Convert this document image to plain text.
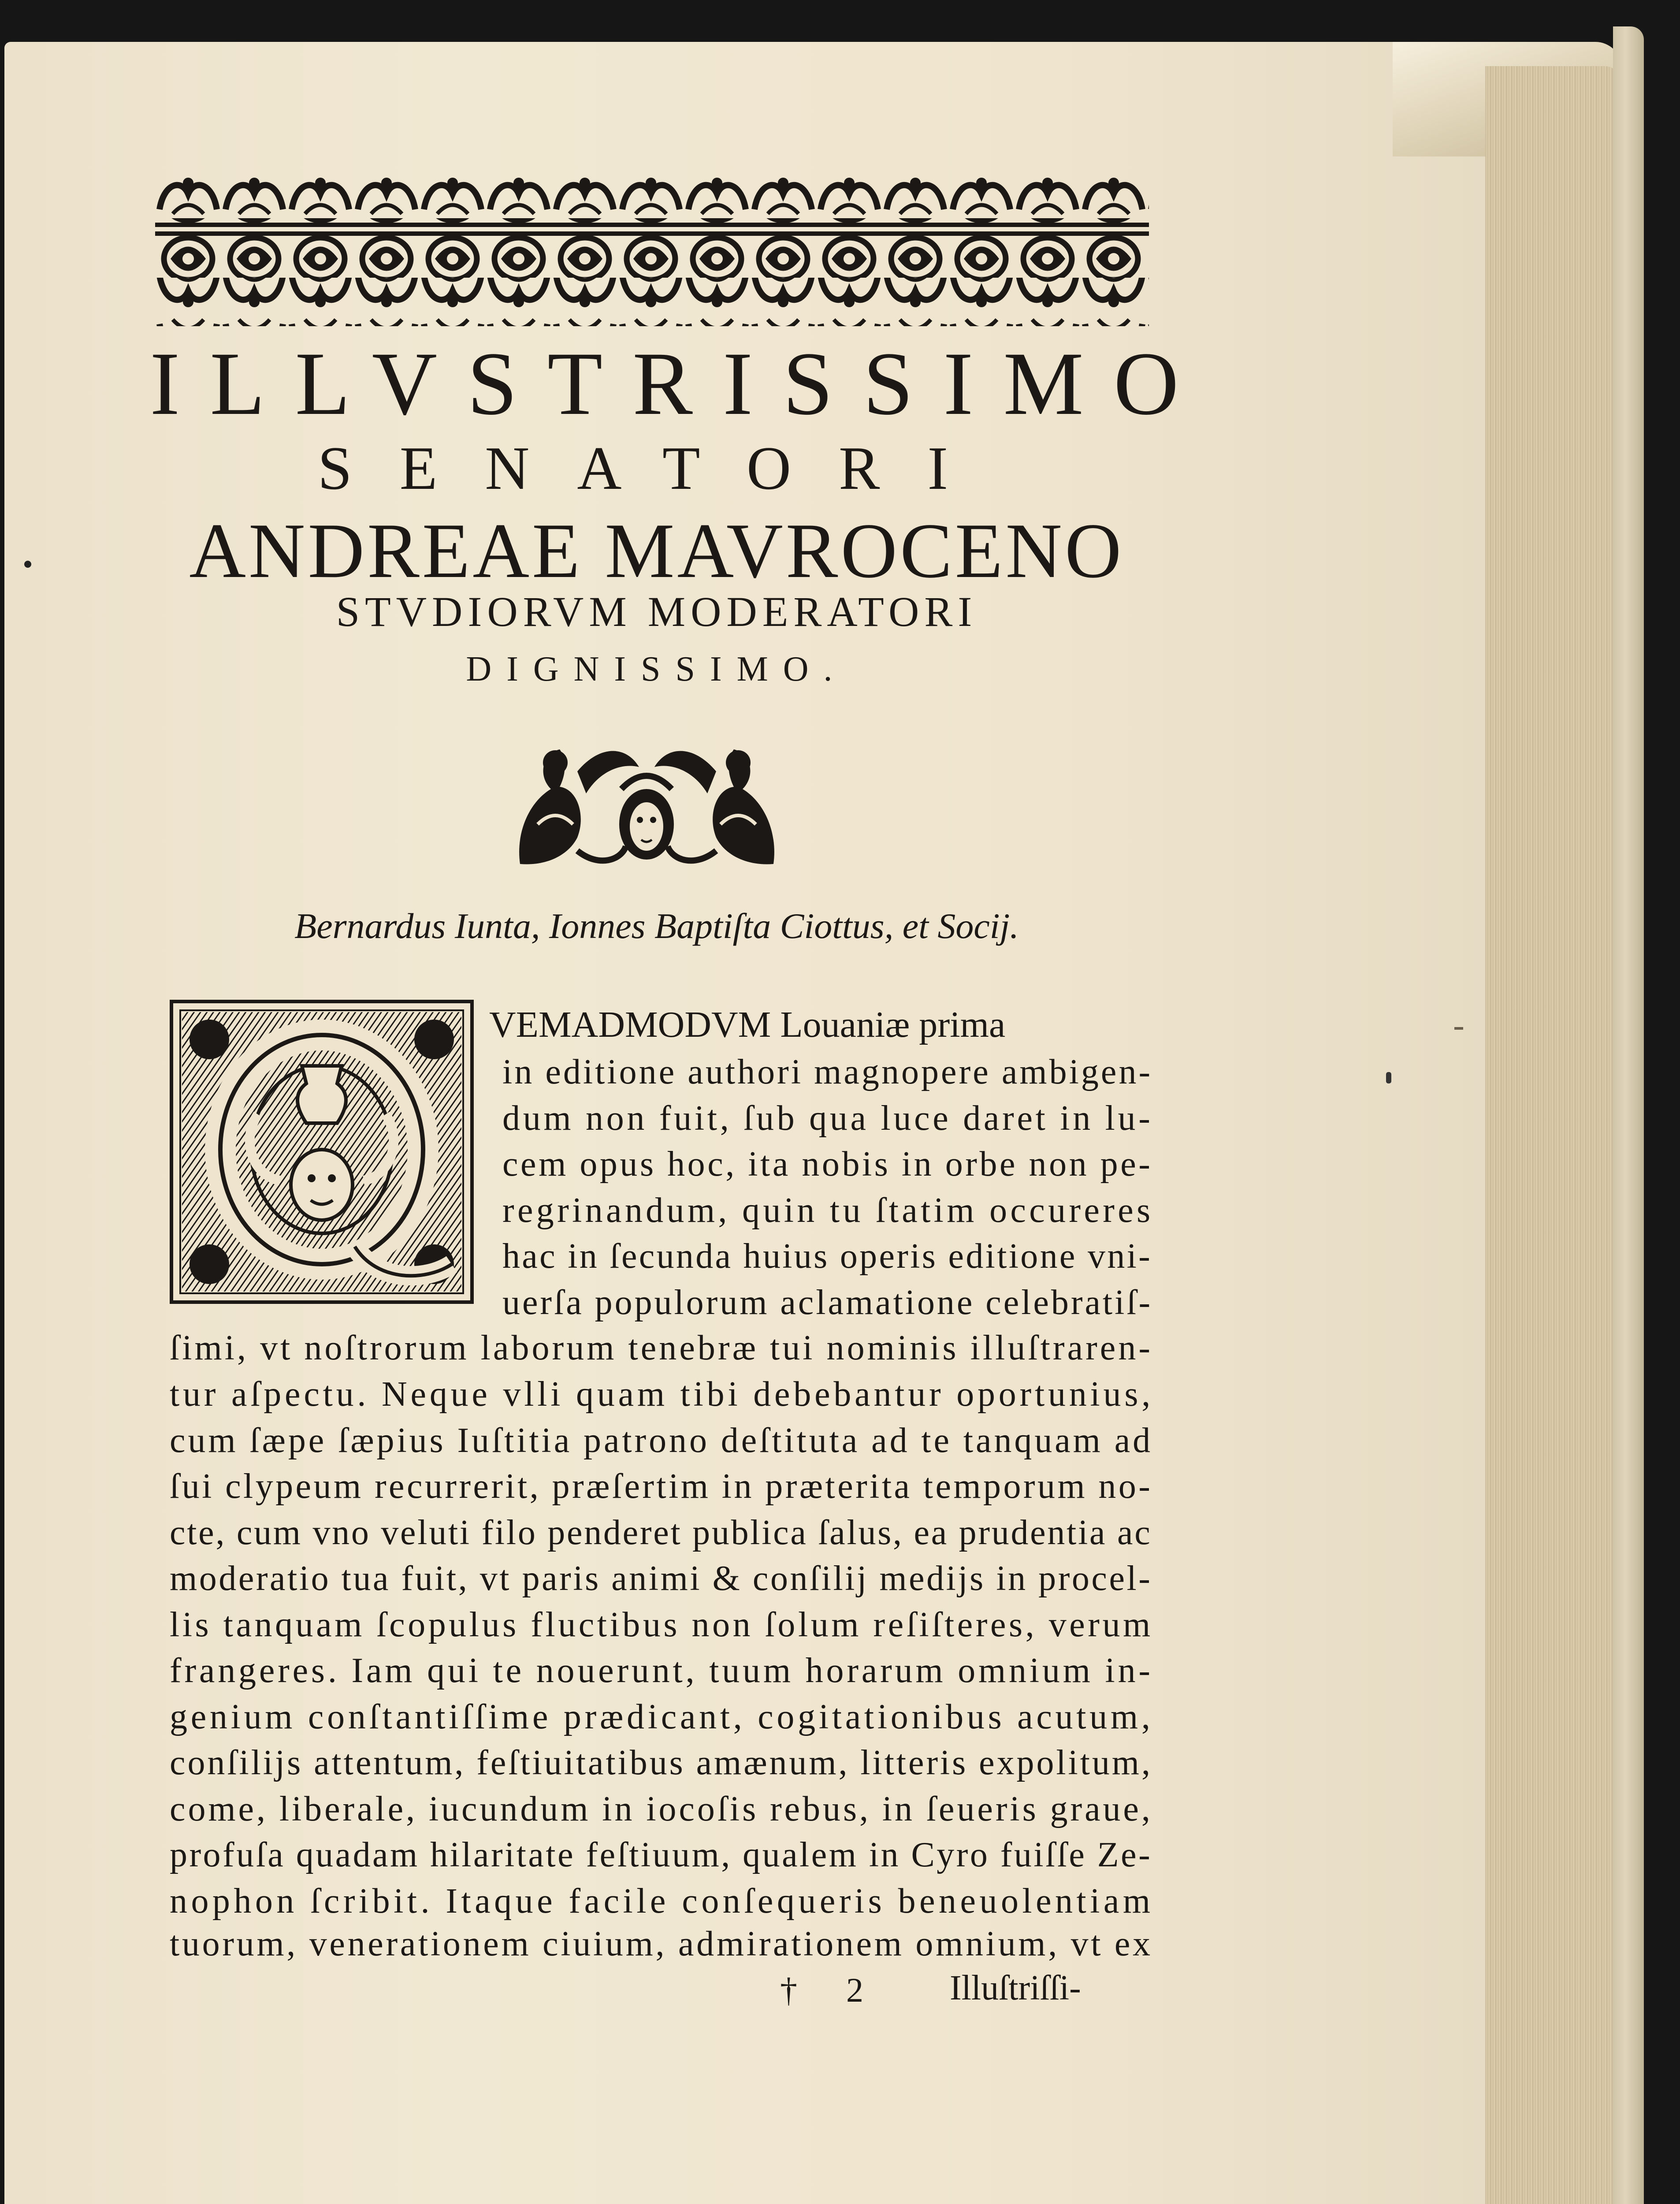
ILLVSTRISSIMO
SENATORI
ANDREAE MAVROCENO
STVDIORVM MODERATORI
DIGNISSIMO.
Bernardus Iunta, Ionnes Baptiſta Ciottus, et Socij.
VEMADMODVM Louaniæ prima
in editione authori magnopere ambigen-
dum non fuit, ſub qua luce daret in lu-
cem opus hoc, ita nobis in orbe non pe-
regrinandum, quin tu ſtatim occureres
hac in ſecunda huius operis editione vni-
uerſa populorum aclamatione celebratiſ-
ſimi, vt noſtrorum laborum tenebræ tui nominis illuſtraren-
tur aſpectu. Neque vlli quam tibi debebantur oportunius,
cum ſæpe ſæpius Iuſtitia patrono deſtituta ad te tanquam ad
ſui clypeum recurrerit, præſertim in præterita temporum no-
cte, cum vno veluti filo penderet publica ſalus, ea prudentia ac
moderatio tua fuit, vt paris animi & conſilij medijs in procel-
lis tanquam ſcopulus fluctibus non ſolum reſiſteres, verum
frangeres. Iam qui te nouerunt, tuum horarum omnium in-
genium conſtantiſſime prædicant, cogitationibus acutum,
conſilijs attentum, feſtiuitatibus amænum, litteris expolitum,
come, liberale, iucundum in iocoſis rebus, in ſeueris graue,
profuſa quadam hilaritate feſtiuum, qualem in Cyro fuiſſe Ze-
nophon ſcribit. Itaque facile conſequeris beneuolentiam
tuorum, venerationem ciuium, admirationem omnium, vt ex
† 2 Illuſtriſſi-
